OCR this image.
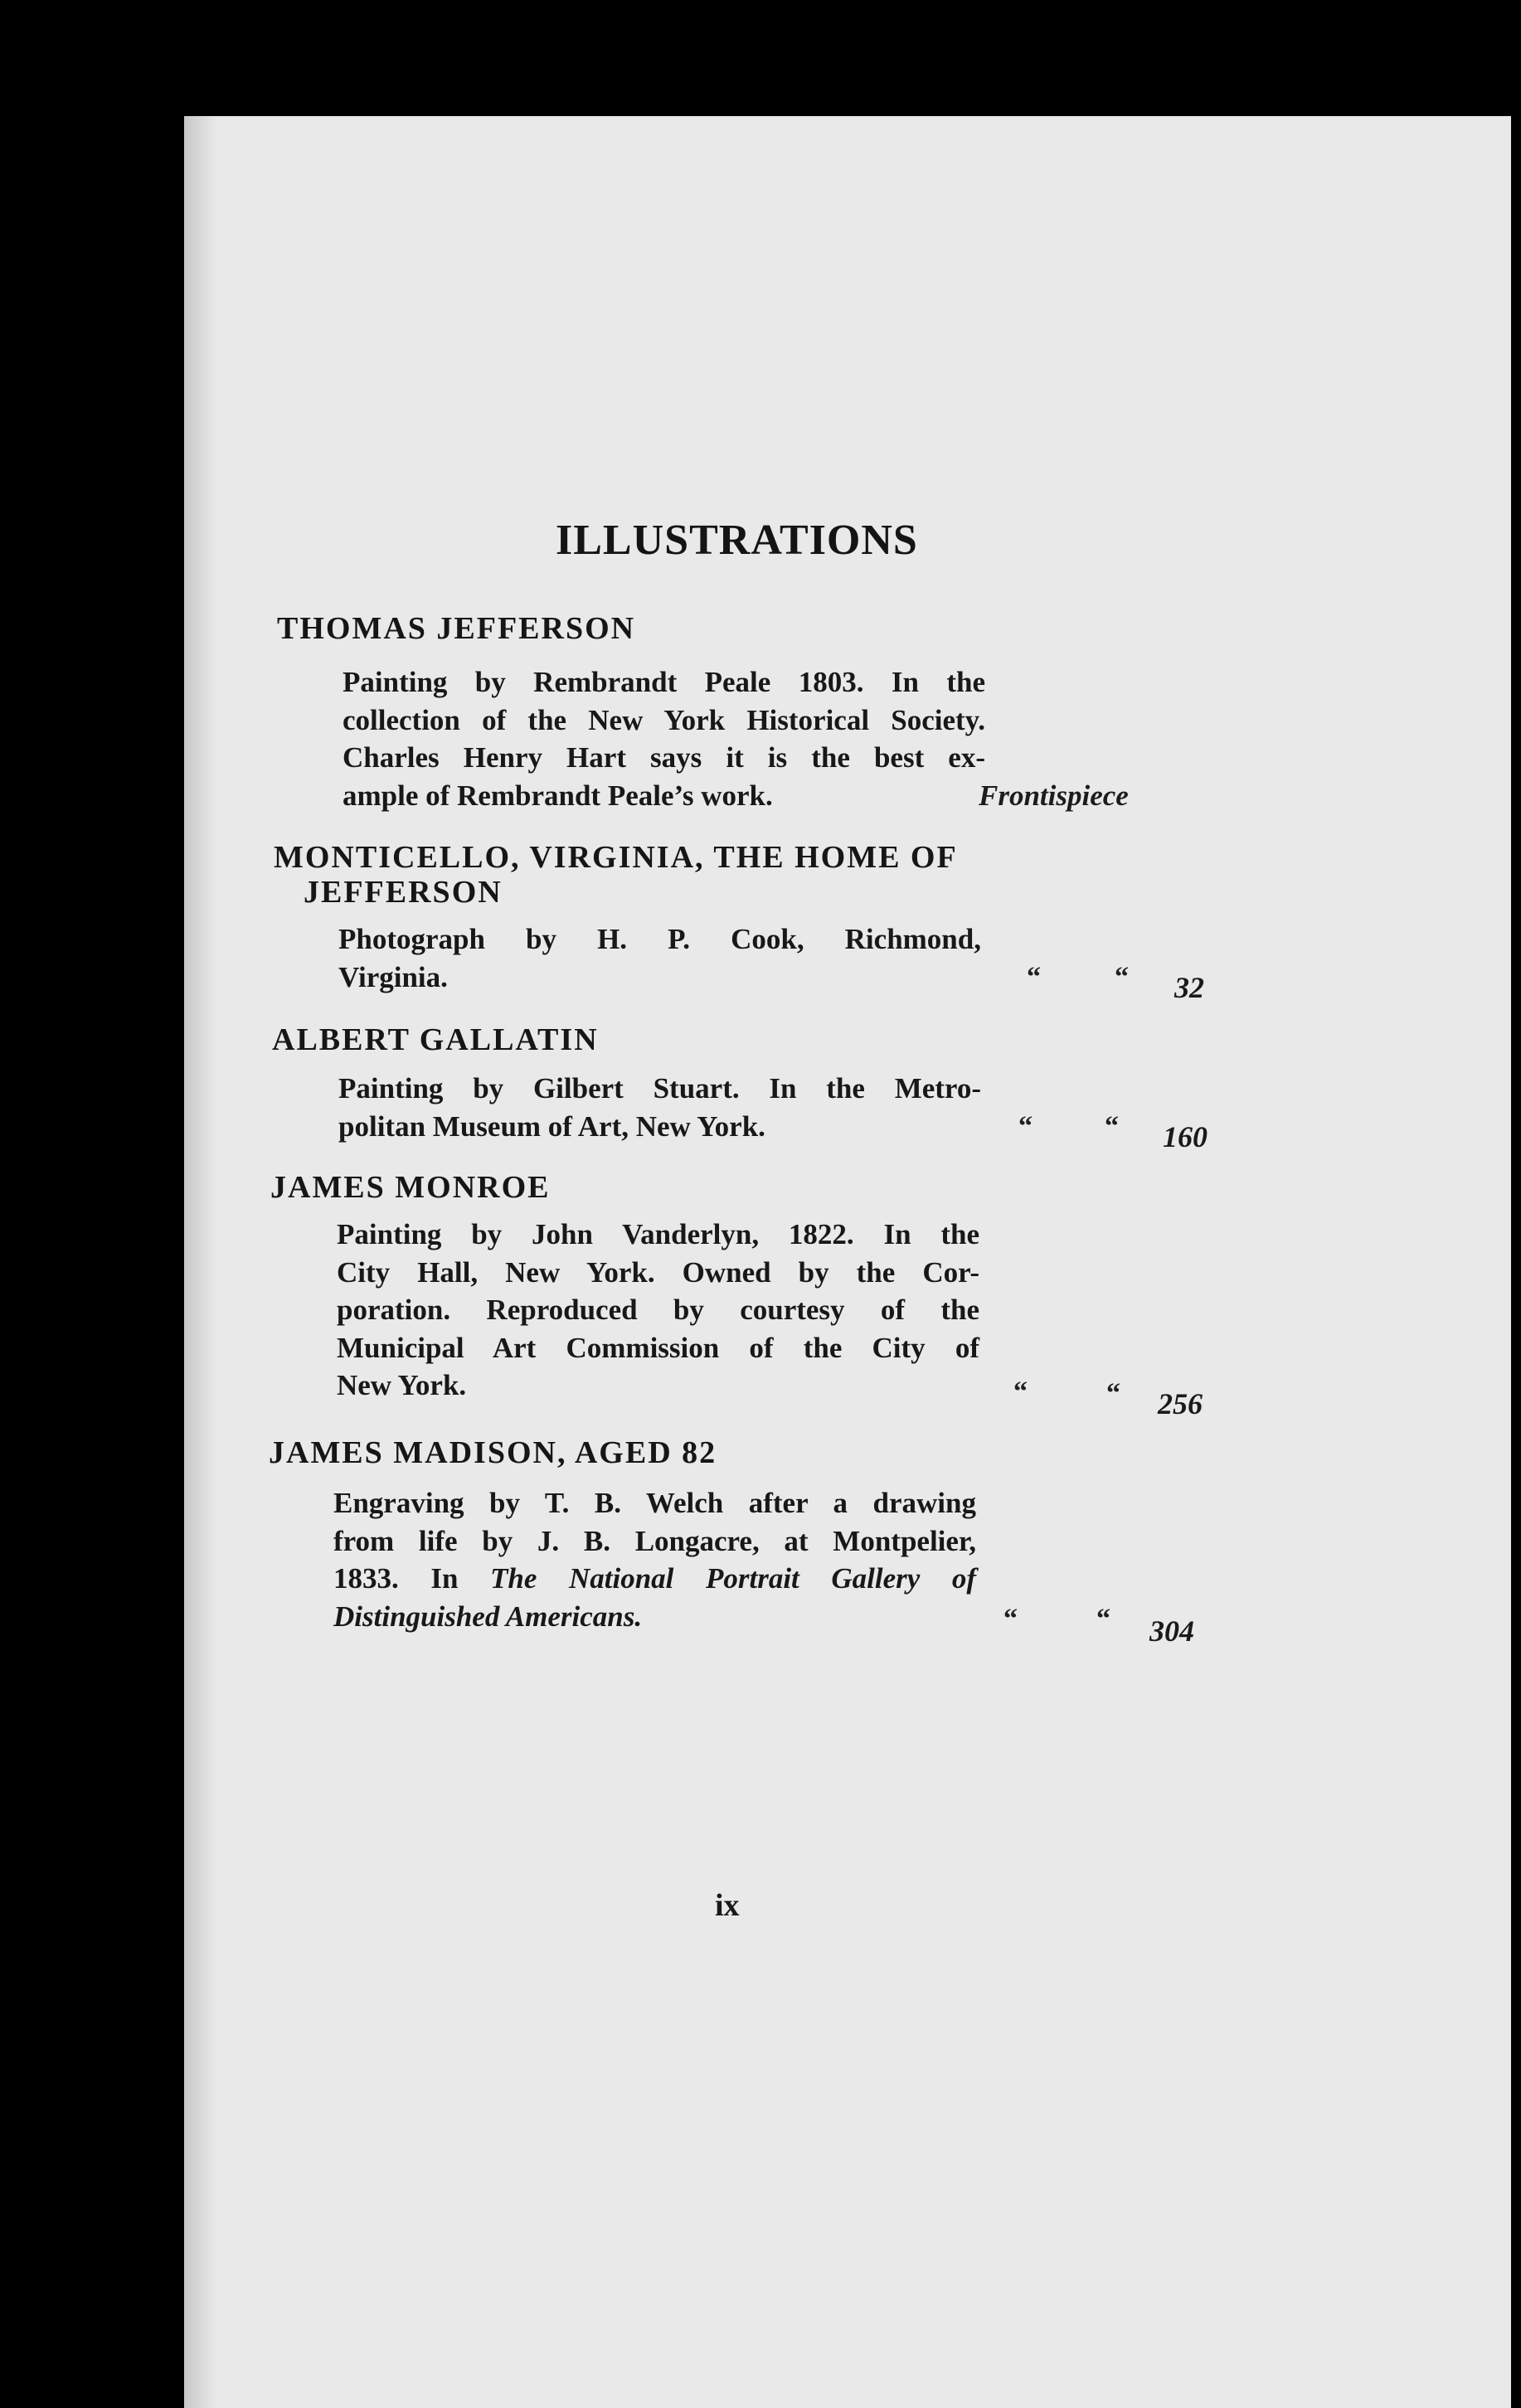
ILLUSTRATIONS
THOMAS JEFFERSON
Painting by Rembrandt Peale 1803. In the
collection of the New York Historical Society.
Charles Henry Hart says it is the best ex-
ample of Rembrandt Peale’s work.	Frontispiece
MONTICELLO, VIRGINIA, THE HOME OF
JEFFERSON
Photograph by H. P. Cook, Richmond,
Virginia.	“	“ 32
ALBERT GALLATIN
Painting by Gilbert Stuart. In the Metro-
politan Museum of Art, New York.	“	“ 160
JAMES MONROE
Painting by John Vanderlyn, 1822. In the
City Hall, New York. Owned by the Cor-
poration. Reproduced by courtesy of the
Municipal Art Commission of the City of
New York.	“	“ 256
JAMES MADISON, AGED 82
Engraving by T. B. Welch after a drawing
from life by J. B. Longacre, at Montpelier,
1833. In The National Portrait Gallery of
Distinguished Americans.	“	“ 304
ix
